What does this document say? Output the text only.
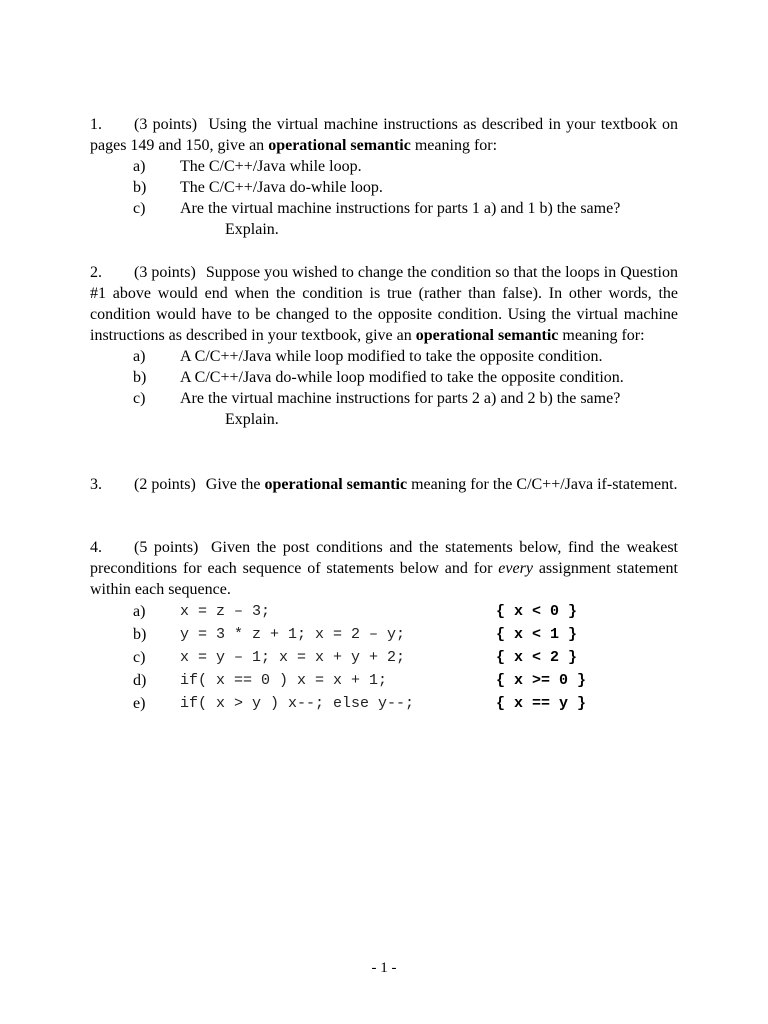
1. (3 points) Using the virtual machine instructions as described in your textbook on pages 149 and 150, give an operational semantic meaning for:

a) The C/C++/Java while loop.
b) The C/C++/Java do-while loop.
c) Are the virtual machine instructions for parts 1 a) and 1 b) the same?
Explain.

2. (3 points) Suppose you wished to change the condition so that the loops in Question #1 above would end when the condition is true (rather than false). In other words, the condition would have to be changed to the opposite condition. Using the virtual machine instructions as described in your textbook, give an operational semantic meaning for:

a) A C/C++/Java while loop modified to take the opposite condition.
b) A C/C++/Java do-while loop modified to take the opposite condition.
c) Are the virtual machine instructions for parts 2 a) and 2 b) the same?
Explain.

3. (2 points) Give the operational semantic meaning for the C/C++/Java if-statement.

4. (5 points) Given the post conditions and the statements below, find the weakest preconditions for each sequence of statements below and for every assignment statement within each sequence.

a) x = z – 3;	{ x < 0 }
b) y = 3 * z + 1; x = 2 – y;	{ x < 1 }
c) x = y – 1; x = x + y + 2;	{ x < 2 }
d) if( x == 0 ) x = x + 1;	{ x >= 0 }
e) if( x > y ) x--; else y--;	{ x == y }
- 1 -
